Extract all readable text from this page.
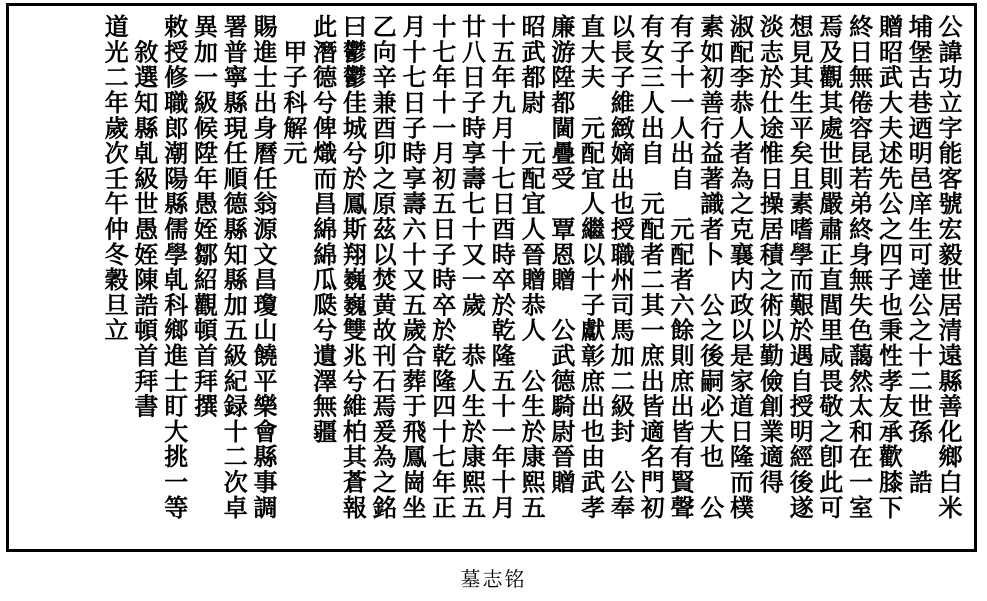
公諱功立字能客號宏毅世居清遠縣善化鄉白米
埔堡古巷迺明邑庠生可達公之十二世孫　誥
贈昭武大夫述先公之四子也秉性孝友承歡膝下
終日無倦容昆若弟終身無失色藹然太和在一室
焉及觀其處世則嚴肅正直閭里咸畏敬之卽此可
想見其生平矣且素嗜學而艱於遇自授明經後遂
淡志於仕途惟日操居積之術以勤儉創業適得
淑配李恭人者為之克襄内政以是家道日隆而樸
素如初善行益著識者卜　公之後嗣必大也　公
有子十一人出自　元配者六餘則庶出皆有賢聲
有女三人出自　元配者二其一庶出皆適名門初
以長子維緻嫡出也授職州司馬加二級封　公奉
直大夫　元配宜人繼以十子獻彰庶出也由武孝
廉游陞都閫疊受　覃恩贈　公武德騎尉晉贈
昭武都尉　元配宜人晉贈恭人　公生於康熙五
十五年九月十七日酉時卒於乾隆五十一年十月
廿八日子時享壽七十又一歲　恭人生於康熙五
十七年十一月初五日子時卒於乾隆四十七年正
月十七日子時享壽六十又五歲合葬于飛鳳崗坐
乙向辛兼酉卯之原茲以焚黄故刊石焉爰為之銘
曰鬱鬱佳城兮於鳳斯翔巍巍雙兆兮維柏其蒼報
此潛德兮俾熾而昌綿綿瓜瓞兮遺澤無疆
　甲子科解元
賜進士出身曆任翁源文昌瓊山饒平樂會縣事調
署普寧縣現任順德縣知縣加五級紀録十二次卓
異加一級候陞年愚姪鄒紹觀頓首拜撰
敕授修職郎潮陽縣儒學𠃵科鄉進士盯大挑一等
　敘選知縣𠃵級世愚姪陳誥頓首拜書
道光二年歲次壬午仲冬穀旦立
墓志铭
